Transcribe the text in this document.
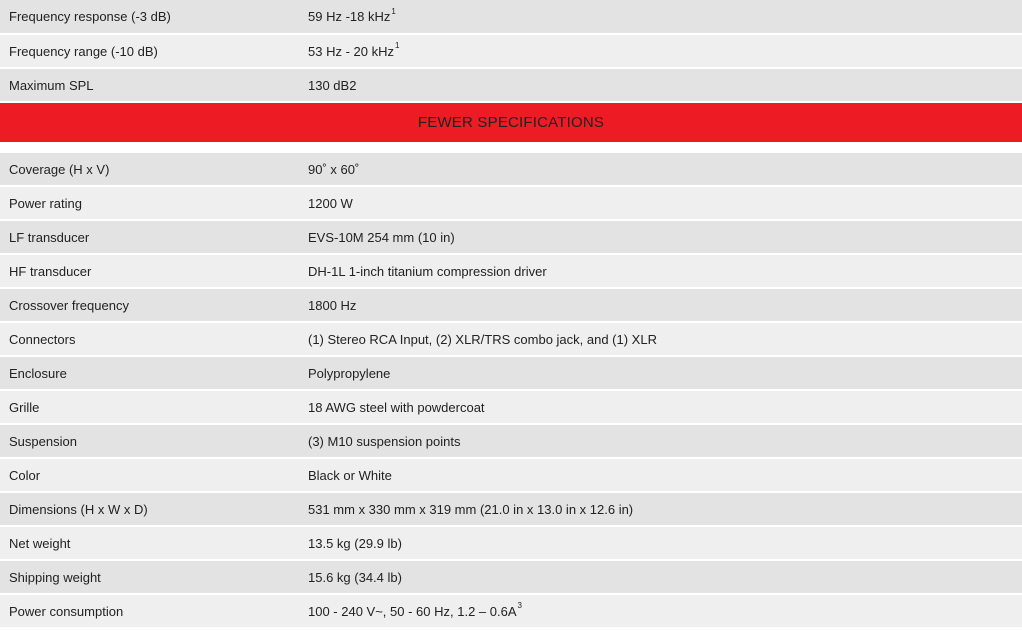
Frequency response (-3 dB)	59 Hz -18 kHz$^1$
Frequency range (-10 dB)	53 Hz - 20 kHz$^1$
Maximum SPL	130 dB2
FEWER SPECIFICATIONS
Coverage (H x V)	90˚ x 60˚
Power rating	1200 W
LF transducer	EVS-10M 254 mm (10 in)
HF transducer	DH-1L 1-inch titanium compression driver
Crossover frequency	1800 Hz
Connectors	(1) Stereo RCA Input, (2) XLR/TRS combo jack, and (1) XLR
Enclosure	Polypropylene
Grille	18 AWG steel with powdercoat
Suspension	(3) M10 suspension points
Color	Black or White
Dimensions (H x W x D)	531 mm x 330 mm x 319 mm (21.0 in x 13.0 in x 12.6 in)
Net weight	13.5 kg (29.9 lb)
Shipping weight	15.6 kg (34.4 lb)
Power consumption	100 - 240 V~, 50 - 60 Hz, $1.2 - 0.6A^3$
